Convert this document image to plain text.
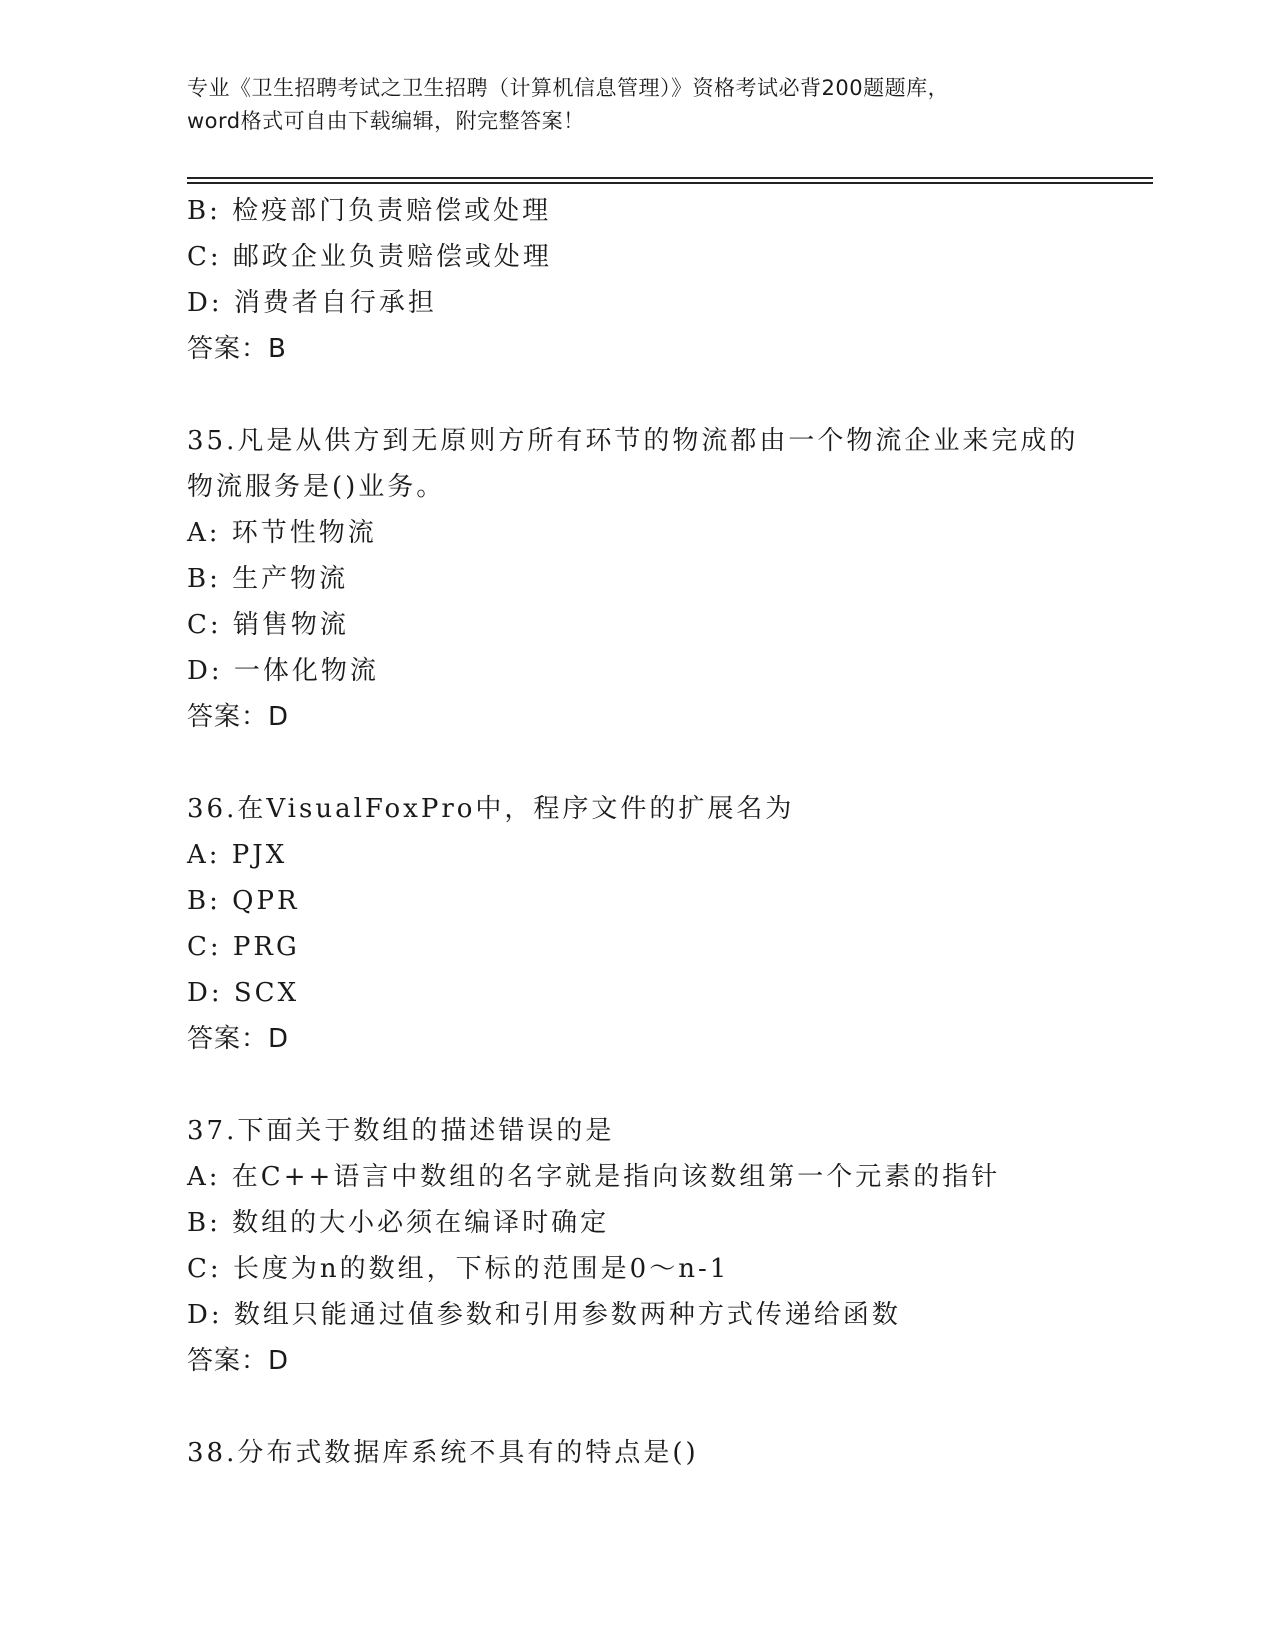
专业《卫生招聘考试之卫生招聘（计算机信息管理）》资格考试必背200题题库，
word格式可自由下载编辑，附完整答案！
B: 检疫部门负责赔偿或处理
C: 邮政企业负责赔偿或处理
D: 消费者自行承担
答案：B
35.凡是从供方到无原则方所有环节的物流都由一个物流企业来完成的
物流服务是()业务。
A: 环节性物流
B: 生产物流
C: 销售物流
D: 一体化物流
答案：D
36.在VisualFoxPro中，程序文件的扩展名为
A: PJX
B: QPR
C: PRG
D: SCX
答案：D
37.下面关于数组的描述错误的是
A: 在C++语言中数组的名字就是指向该数组第一个元素的指针
B: 数组的大小必须在编译时确定
C: 长度为n的数组，下标的范围是0～n-1
D: 数组只能通过值参数和引用参数两种方式传递给函数
答案：D
38.分布式数据库系统不具有的特点是()
